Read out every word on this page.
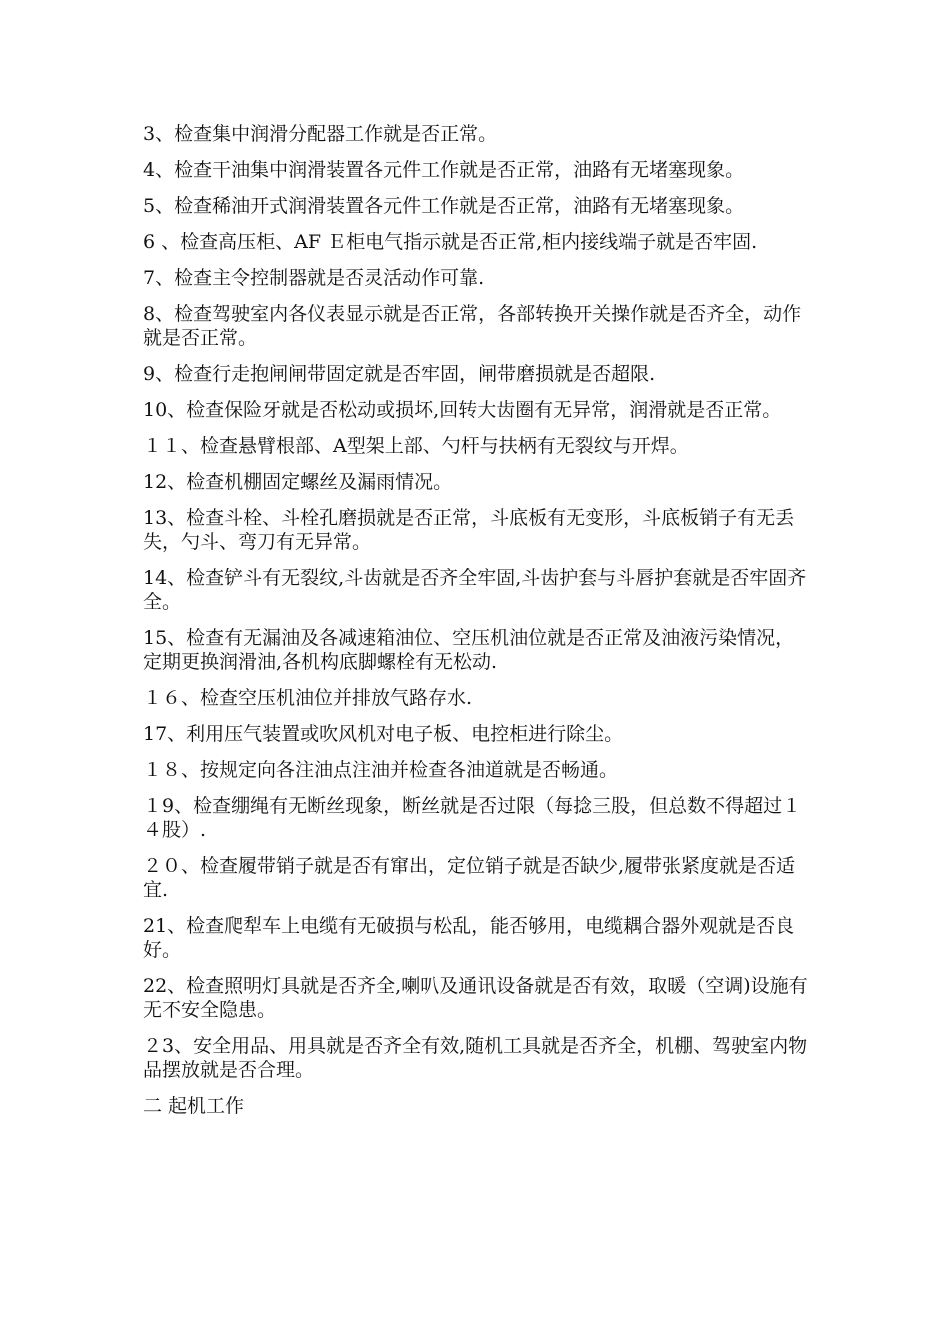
3、检查集中润滑分配器工作就是否正常。

4、检查干油集中润滑装置各元件工作就是否正常，油路有无堵塞现象。

5、检查稀油开式润滑装置各元件工作就是否正常，油路有无堵塞现象。

6 、检查高压柜、AF Ｅ柜电气指示就是否正常,柜内接线端子就是否牢固.

7、检查主令控制器就是否灵活动作可靠.

8、检查驾驶室内各仪表显示就是否正常，各部转换开关操作就是否齐全，动作就是否正常。

9、检查行走抱闸闸带固定就是否牢固，闸带磨损就是否超限.

10、检查保险牙就是否松动或损坏,回转大齿圈有无异常，润滑就是否正常。

１１、检查悬臂根部、A型架上部、勺杆与扶柄有无裂纹与开焊。

12、检查机棚固定螺丝及漏雨情况。

13、检查斗栓、斗栓孔磨损就是否正常，斗底板有无变形，斗底板销子有无丢失，勺斗、弯刀有无异常。

14、检查铲斗有无裂纹,斗齿就是否齐全牢固,斗齿护套与斗唇护套就是否牢固齐全。

15、检查有无漏油及各减速箱油位、空压机油位就是否正常及油液污染情况，定期更换润滑油,各机构底脚螺栓有无松动.

１６、检查空压机油位并排放气路存水.

17、利用压气装置或吹风机对电子板、电控柜进行除尘。

１８、按规定向各注油点注油并检查各油道就是否畅通。

１9、检查绷绳有无断丝现象，断丝就是否过限（每捻三股，但总数不得超过１４股）.

２０、检查履带销子就是否有窜出，定位销子就是否缺少,履带张紧度就是否适宜.

21、检查爬犁车上电缆有无破损与松乱，能否够用，电缆耦合器外观就是否良好。

22、检查照明灯具就是否齐全,喇叭及通讯设备就是否有效，取暖（空调)设施有无不安全隐患。

２3、安全用品、用具就是否齐全有效,随机工具就是否齐全，机棚、驾驶室内物品摆放就是否合理。

二 起机工作
